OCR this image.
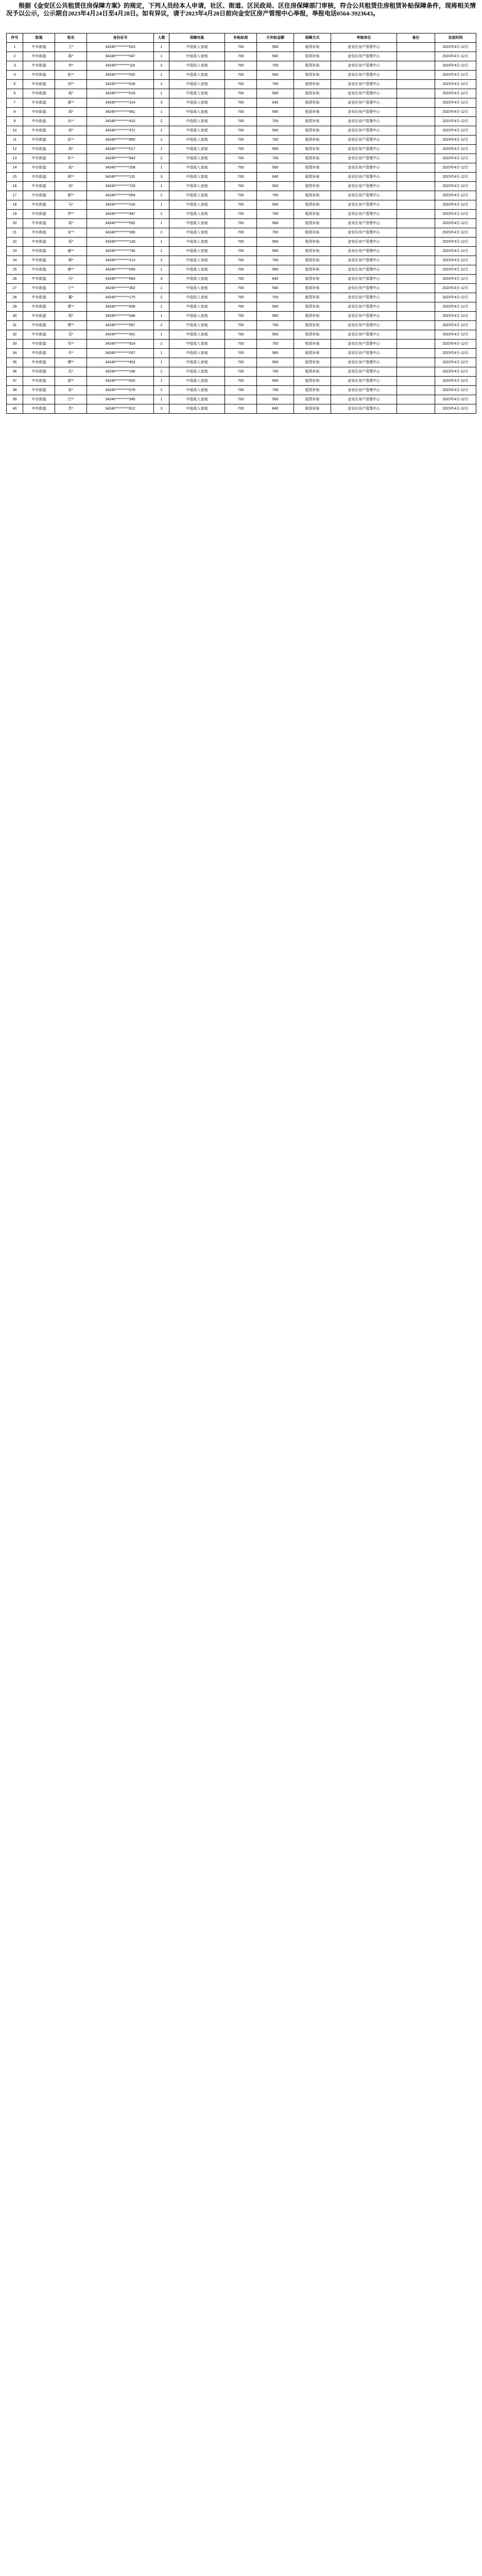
根据《金安区公共租赁住房保障方案》的规定，下列人员经本人申请，社区、街道、区民政局、区住房保障部门审核，符合公共租赁住房租赁补贴保障条件，现将相关情况予以公示，公示期自2023年4月24日至4月28日。如有异议，请于2023年4月28日前向金安区房产管理中心举报，举报电话0564-3923643。

序号	街道	姓名	身份证号	人数	保障对象	补贴标准	月补贴金额	保障方式	审核单位	备注	发放时间
1	中市街道	王*	34240**********023	1	中低收入家庭	700	560	租赁补贴	金安区房产管理中心		2023年4月-12月
2	中市街道	陈*	34240**********047	1	中低收入家庭	700	560	租赁补贴	金安区房产管理中心		2023年4月-12月
3	中市街道	李*	34240**********116	2	中低收入家庭	700	700	租赁补贴	金安区房产管理中心		2023年4月-12月
4	中市街道	张**	34240**********032	1	中低收入家庭	700	560	租赁补贴	金安区房产管理中心		2023年4月-12月
5	中市街道	刘**	34240**********528	2	中低收入家庭	700	700	租赁补贴	金安区房产管理中心		2023年4月-12月
6	中市街道	杨*	34240**********019	1	中低收入家庭	700	560	租赁补贴	金安区房产管理中心		2023年4月-12月
7	中市街道	黄**	34240**********224	3	中低收入家庭	700	840	租赁补贴	金安区房产管理中心		2023年4月-12月
8	中市街道	周*	34240**********061	1	中低收入家庭	700	560	租赁补贴	金安区房产管理中心		2023年4月-12月
9	中市街道	吴**	34240**********410	2	中低收入家庭	700	700	租赁补贴	金安区房产管理中心		2023年4月-12月
10	中市街道	徐*	34240**********372	1	中低收入家庭	700	560	租赁补贴	金安区房产管理中心		2023年4月-12月
11	中市街道	孙**	34240**********855	2	中低收入家庭	700	700	租赁补贴	金安区房产管理中心		2023年4月-12月
12	中市街道	胡*	34240**********017	1	中低收入家庭	700	560	租赁补贴	金安区房产管理中心		2023年4月-12月
13	中市街道	朱**	34240**********643	2	中低收入家庭	700	700	租赁补贴	金安区房产管理中心		2023年4月-12月
14	中市街道	高*	34240**********208	1	中低收入家庭	700	560	租赁补贴	金安区房产管理中心		2023年4月-12月
15	中市街道	林**	34240**********131	3	中低收入家庭	700	840	租赁补贴	金安区房产管理中心		2023年4月-12月
16	中市街道	何*	34240**********729	1	中低收入家庭	700	560	租赁补贴	金安区房产管理中心		2023年4月-12月
17	中市街道	郭**	34240**********054	2	中低收入家庭	700	700	租赁补贴	金安区房产管理中心		2023年4月-12月
18	中市街道	马*	34240**********316	1	中低收入家庭	700	560	租赁补贴	金安区房产管理中心		2023年4月-12月
19	中市街道	罗**	34240**********487	2	中低收入家庭	700	700	租赁补贴	金安区房产管理中心		2023年4月-12月
20	中市街道	梁*	34240**********092	1	中低收入家庭	700	560	租赁补贴	金安区房产管理中心		2023年4月-12月
21	中市街道	宋**	34240**********365	2	中低收入家庭	700	700	租赁补贴	金安区房产管理中心		2023年4月-12月
22	中市街道	郑*	34240**********128	1	中低收入家庭	700	560	租赁补贴	金安区房产管理中心		2023年4月-12月
23	中市街道	谢**	34240**********740	1	中低收入家庭	700	560	租赁补贴	金安区房产管理中心		2023年4月-12月
24	中市街道	韩*	34240**********213	2	中低收入家庭	700	700	租赁补贴	金安区房产管理中心		2023年4月-12月
25	中市街道	唐**	34240**********059	1	中低收入家庭	700	560	租赁补贴	金安区房产管理中心		2023年4月-12月
26	中市街道	冯*	34240**********694	3	中低收入家庭	700	840	租赁补贴	金安区房产管理中心		2023年4月-12月
27	中市街道	于**	34240**********302	1	中低收入家庭	700	560	租赁补贴	金安区房产管理中心		2023年4月-12月
28	中市街道	董*	34240**********175	2	中低收入家庭	700	700	租赁补贴	金安区房产管理中心		2023年4月-12月
29	中市街道	萧**	34240**********836	1	中低收入家庭	700	560	租赁补贴	金安区房产管理中心		2023年4月-12月
30	中市街道	程*	34240**********048	1	中低收入家庭	700	560	租赁补贴	金安区房产管理中心		2023年4月-12月
31	中市街道	曹**	34240**********587	2	中低收入家庭	700	700	租赁补贴	金安区房产管理中心		2023年4月-12月
32	中市街道	袁*	34240**********261	1	中低收入家庭	700	560	租赁补贴	金安区房产管理中心		2023年4月-12月
33	中市街道	邓**	34240**********914	2	中低收入家庭	700	700	租赁补贴	金安区房产管理中心		2023年4月-12月
34	中市街道	许*	34240**********037	1	中低收入家庭	700	560	租赁补贴	金安区房产管理中心		2023年4月-12月
35	中市街道	傅**	34240**********453	1	中低收入家庭	700	560	租赁补贴	金安区房产管理中心		2023年4月-12月
36	中市街道	沈*	34240**********186	2	中低收入家庭	700	700	租赁补贴	金安区房产管理中心		2023年4月-12月
37	中市街道	曾**	34240**********620	1	中低收入家庭	700	560	租赁补贴	金安区房产管理中心		2023年4月-12月
38	中市街道	彭*	34240**********079	2	中低收入家庭	700	700	租赁补贴	金安区房产管理中心		2023年4月-12月
39	中市街道	吕**	34240**********345	1	中低收入家庭	700	560	租赁补贴	金安区房产管理中心		2023年4月-12月
40	中市街道	苏*	34240**********812	3	中低收入家庭	700	840	租赁补贴	金安区房产管理中心		2023年4月-12月
